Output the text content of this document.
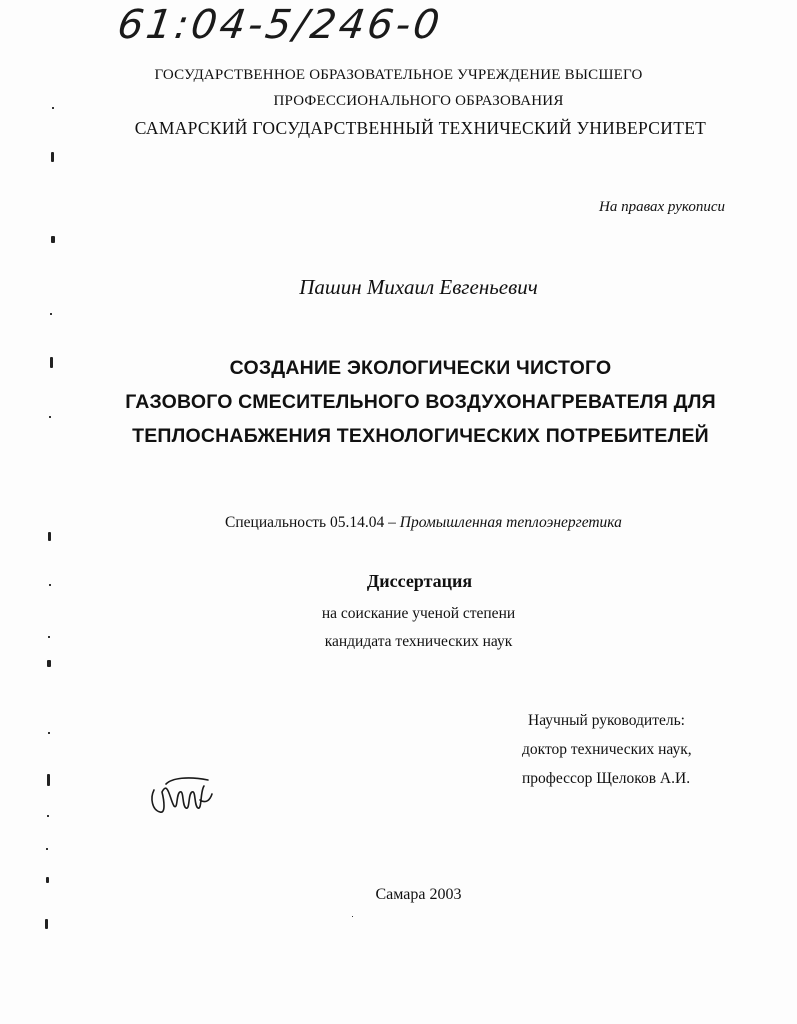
61:04-5/246-0
ГОСУДАРСТВЕННОЕ ОБРАЗОВАТЕЛЬНОЕ УЧРЕЖДЕНИЕ ВЫСШЕГО
ПРОФЕССИОНАЛЬНОГО ОБРАЗОВАНИЯ
САМАРСКИЙ ГОСУДАРСТВЕННЫЙ ТЕХНИЧЕСКИЙ УНИВЕРСИТЕТ
На правах рукописи
Пашин Михаил Евгеньевич
СОЗДАНИЕ ЭКОЛОГИЧЕСКИ ЧИСТОГО
ГАЗОВОГО СМЕСИТЕЛЬНОГО ВОЗДУХОНАГРЕВАТЕЛЯ ДЛЯ
ТЕПЛОСНАБЖЕНИЯ ТЕХНОЛОГИЧЕСКИХ ПОТРЕБИТЕЛЕЙ
Специальность 05.14.04 – Промышленная теплоэнергетика
Диссертация
на соискание ученой степени
кандидата технических наук
Научный руководитель:
доктор технических наук,
профессор Щелоков А.И.
Самара 2003
